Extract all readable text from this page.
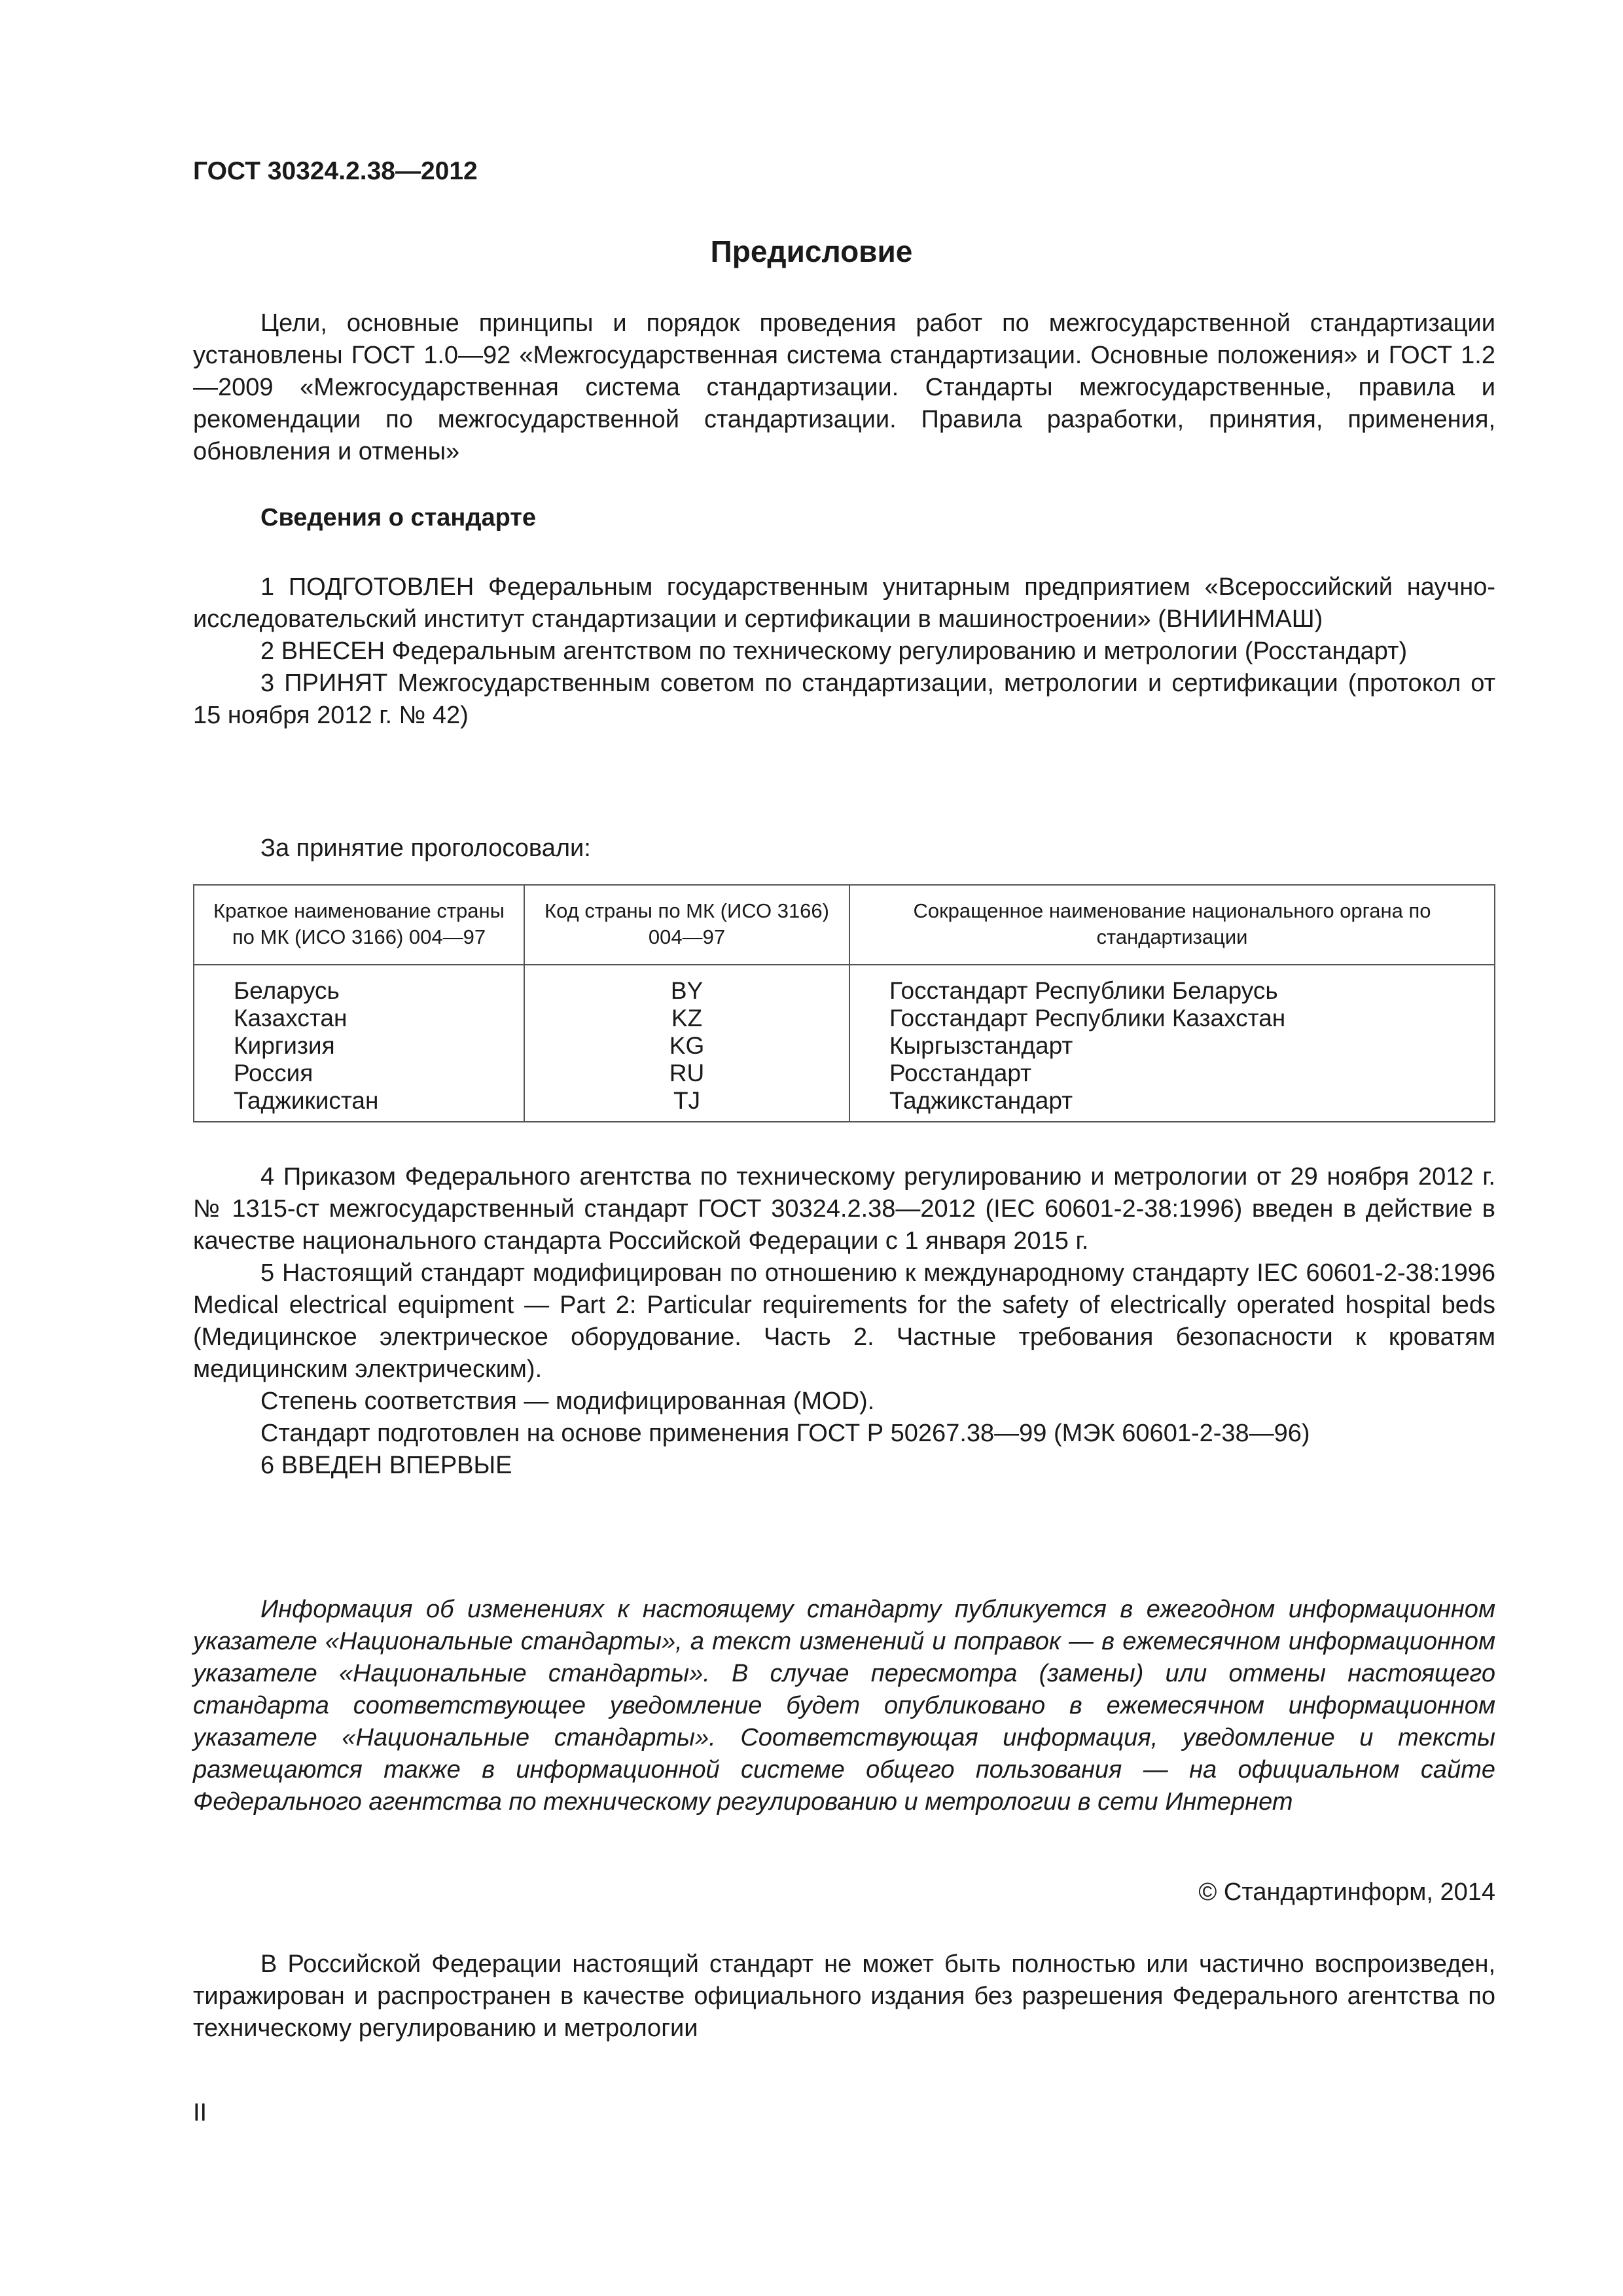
ГОСТ 30324.2.38—2012
Предисловие

Цели, основные принципы и порядок проведения работ по межгосударственной стандартизации установлены ГОСТ 1.0—92 «Межгосударственная система стандартизации. Основные положения» и ГОСТ 1.2—2009 «Межгосударственная система стандартизации. Стандарты межгосударственные, правила и рекомендации по межгосударственной стандартизации. Правила разработки, принятия, применения, обновления и отмены»

Сведения о стандарте

1 ПОДГОТОВЛЕН Федеральным государственным унитарным предприятием «Всероссийский научно-исследовательский институт стандартизации и сертификации в машиностроении» (ВНИИНМАШ)

2 ВНЕСЕН Федеральным агентством по техническому регулированию и метрологии (Росстандарт)

3 ПРИНЯТ Межгосударственным советом по стандартизации, метрологии и сертификации (протокол от 15 ноября 2012 г. № 42)

За принятие проголосовали:
Краткое наименование страны по МК (ИСО 3166) 004—97	Код страны по МК (ИСО 3166) 004—97	Сокращенное наименование национального органа по стандартизации
Беларусь	BY	Госстандарт Республики Беларусь
Казахстан	KZ	Госстандарт Республики Казахстан
Киргизия	KG	Кыргызстандарт
Россия	RU	Росстандарт
Таджикистан	TJ	Таджикстандарт

4 Приказом Федерального агентства по техническому регулированию и метрологии от 29 ноября 2012 г. № 1315-ст межгосударственный стандарт ГОСТ 30324.2.38—2012 (IEC 60601-2-38:1996) введен в действие в качестве национального стандарта Российской Федерации с 1 января 2015 г.

5 Настоящий стандарт модифицирован по отношению к международному стандарту IEC 60601-2-38:1996 Medical electrical equipment — Part 2: Particular requirements for the safety of electrically operated hospital beds (Медицинское электрическое оборудование. Часть 2. Частные требования безопасности к кроватям медицинским электрическим).

Степень соответствия — модифицированная (MOD).

Стандарт подготовлен на основе применения ГОСТ Р 50267.38—99 (МЭК 60601-2-38—96)

6 ВВЕДЕН ВПЕРВЫЕ

Информация об изменениях к настоящему стандарту публикуется в ежегодном информационном указателе «Национальные стандарты», а текст изменений и поправок — в ежемесячном информационном указателе «Национальные стандарты». В случае пересмотра (замены) или отмены настоящего стандарта соответствующее уведомление будет опубликовано в ежемесячном информационном указателе «Национальные стандарты». Соответствующая информация, уведомление и тексты размещаются также в информационной системе общего пользования — на официальном сайте Федерального агентства по техническому регулированию и метрологии в сети Интернет

© Стандартинформ, 2014

В Российской Федерации настоящий стандарт не может быть полностью или частично воспроизведен, тиражирован и распространен в качестве официального издания без разрешения Федерального агентства по техническому регулированию и метрологии

II
